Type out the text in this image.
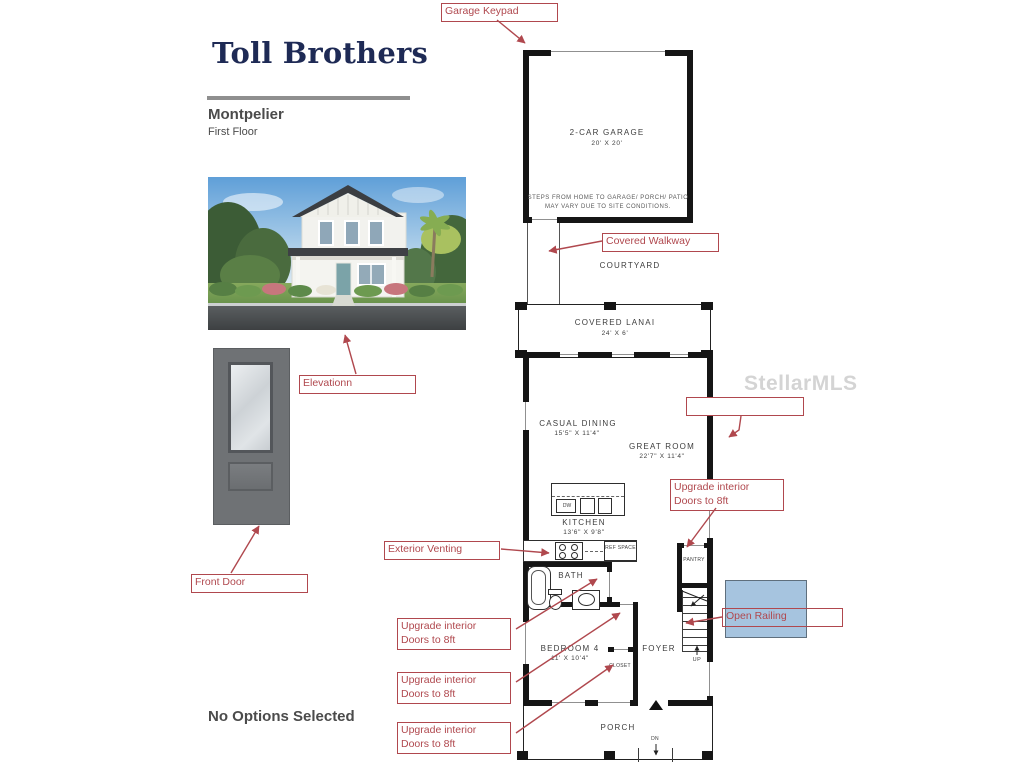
Toll Brothers
Montpelier
First Floor
No Options Selected
2-CAR GARAGE
20' X 20'
STEPS FROM HOME TO GARAGE/ PORCH/ PATIO MAY VARY DUE TO SITE CONDITIONS.
COURTYARD
COVERED LANAI
24' X 6'
CASUAL DINING
15'5" X 11'4"
GREAT ROOM
22'7" X 11'4"
KITCHEN
13'6" X 9'8"
BATH
PANTRY
BEDROOM 4
11' X 10'4"
CLOSET
FOYER
UP
DW
REF SPACE
PORCH
DN
Garage Keypad
Covered Walkway
Elevationn
Front Door
Exterior Venting
Upgrade interior Doors to 8ft
Open Railing
Upgrade interior Doors to 8ft
Upgrade interior Doors to 8ft
Upgrade interior Doors to 8ft
StellarMLS
